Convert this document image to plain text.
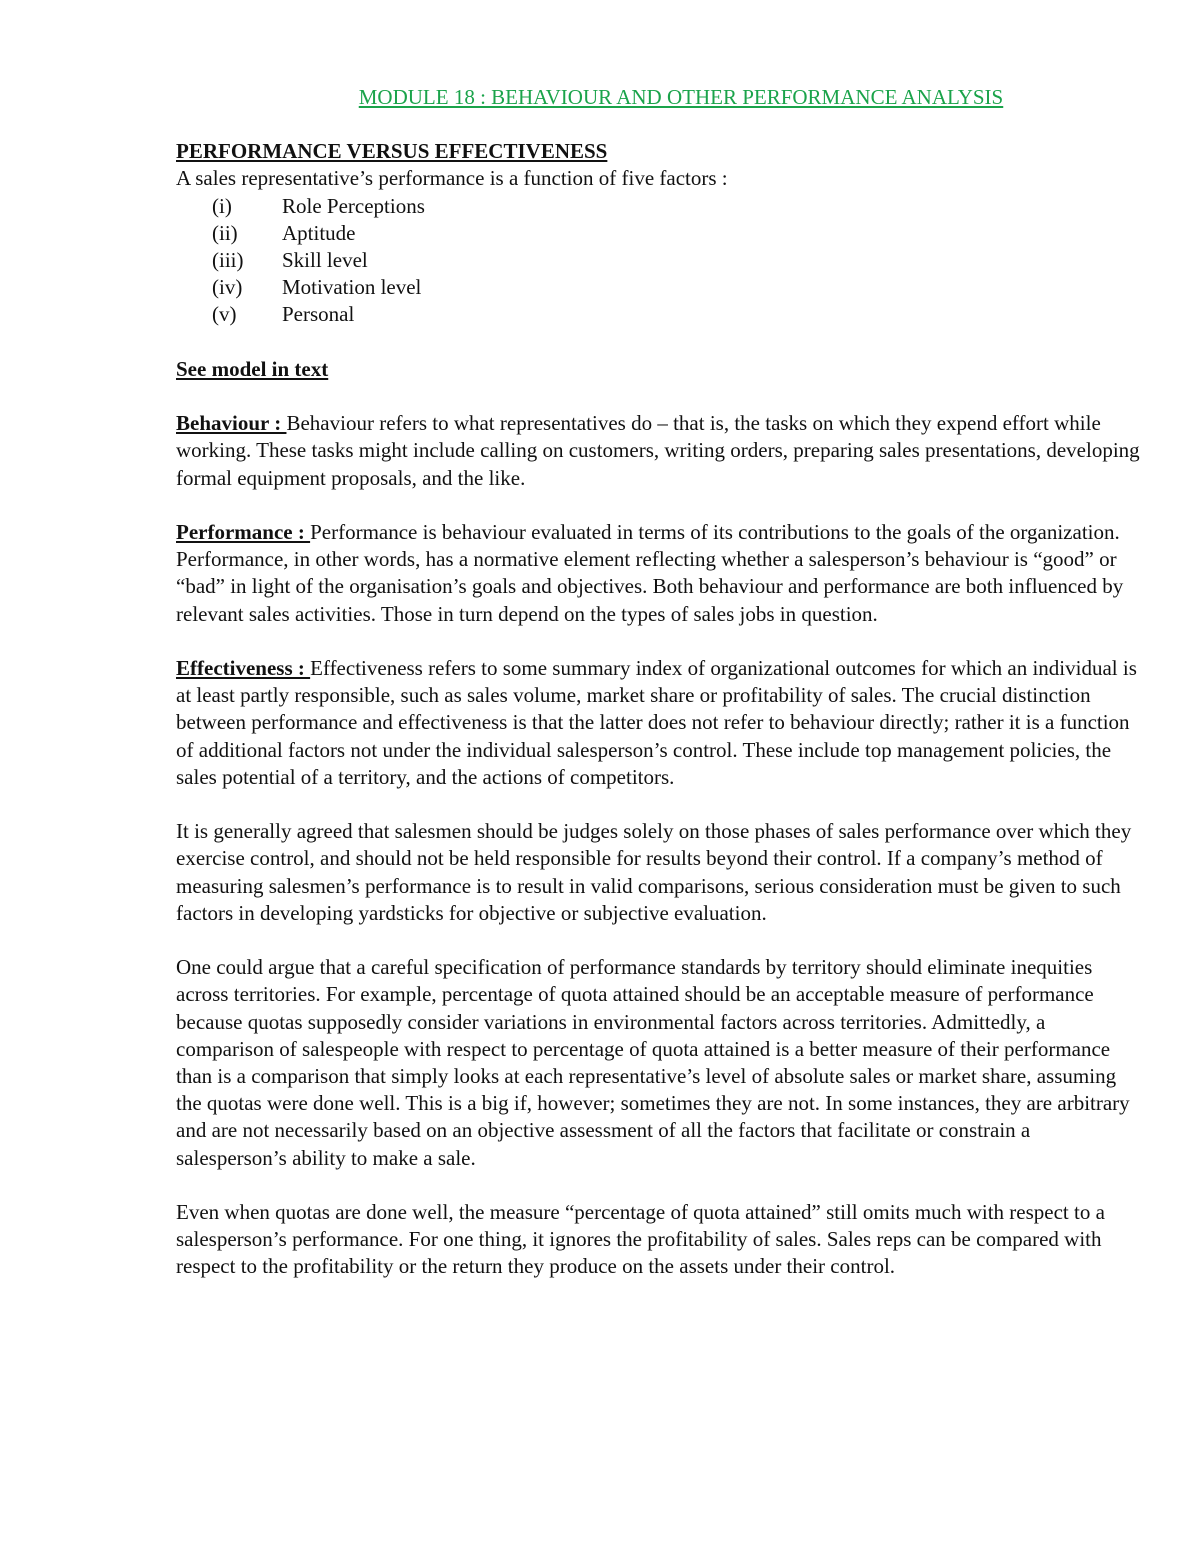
MODULE 18 : BEHAVIOUR AND OTHER PERFORMANCE ANALYSIS

PERFORMANCE VERSUS EFFECTIVENESS

A sales representative’s performance is a function of five factors :

(i)	Role Perceptions
(ii)	Aptitude
(iii)	Skill level
(iv)	Motivation level
(v)	Personal

See model in text

Behaviour : Behaviour refers to what representatives do – that is, the tasks on which they expend effort while working. These tasks might include calling on customers, writing orders, preparing sales presentations, developing formal equipment proposals, and the like.

Performance : Performance is behaviour evaluated in terms of its contributions to the goals of the organization. Performance, in other words, has a normative element reflecting whether a salesperson’s behaviour is “good” or “bad” in light of the organisation’s goals and objectives. Both behaviour and performance are both influenced by relevant sales activities. Those in turn depend on the types of sales jobs in question.

Effectiveness : Effectiveness refers to some summary index of organizational outcomes for which an individual is at least partly responsible, such as sales volume, market share or profitability of sales. The crucial distinction between performance and effectiveness is that the latter does not refer to behaviour directly; rather it is a function of additional factors not under the individual salesperson’s control. These include top management policies, the sales potential of a territory, and the actions of competitors.

It is generally agreed that salesmen should be judges solely on those phases of sales performance over which they exercise control, and should not be held responsible for results beyond their control. If a company’s method of measuring salesmen’s performance is to result in valid comparisons, serious consideration must be given to such factors in developing yardsticks for objective or subjective evaluation.

One could argue that a careful specification of performance standards by territory should eliminate inequities across territories. For example, percentage of quota attained should be an acceptable measure of performance because quotas supposedly consider variations in environmental factors across territories. Admittedly, a comparison of salespeople with respect to percentage of quota attained is a better measure of their performance than is a comparison that simply looks at each representative’s level of absolute sales or market share, assuming the quotas were done well. This is a big if, however; sometimes they are not. In some instances, they are arbitrary and are not necessarily based on an objective assessment of all the factors that facilitate or constrain a salesperson’s ability to make a sale.

Even when quotas are done well, the measure “percentage of quota attained” still omits much with respect to a salesperson’s performance. For one thing, it ignores the profitability of sales. Sales reps can be compared with respect to the profitability or the return they produce on the assets under their control.
